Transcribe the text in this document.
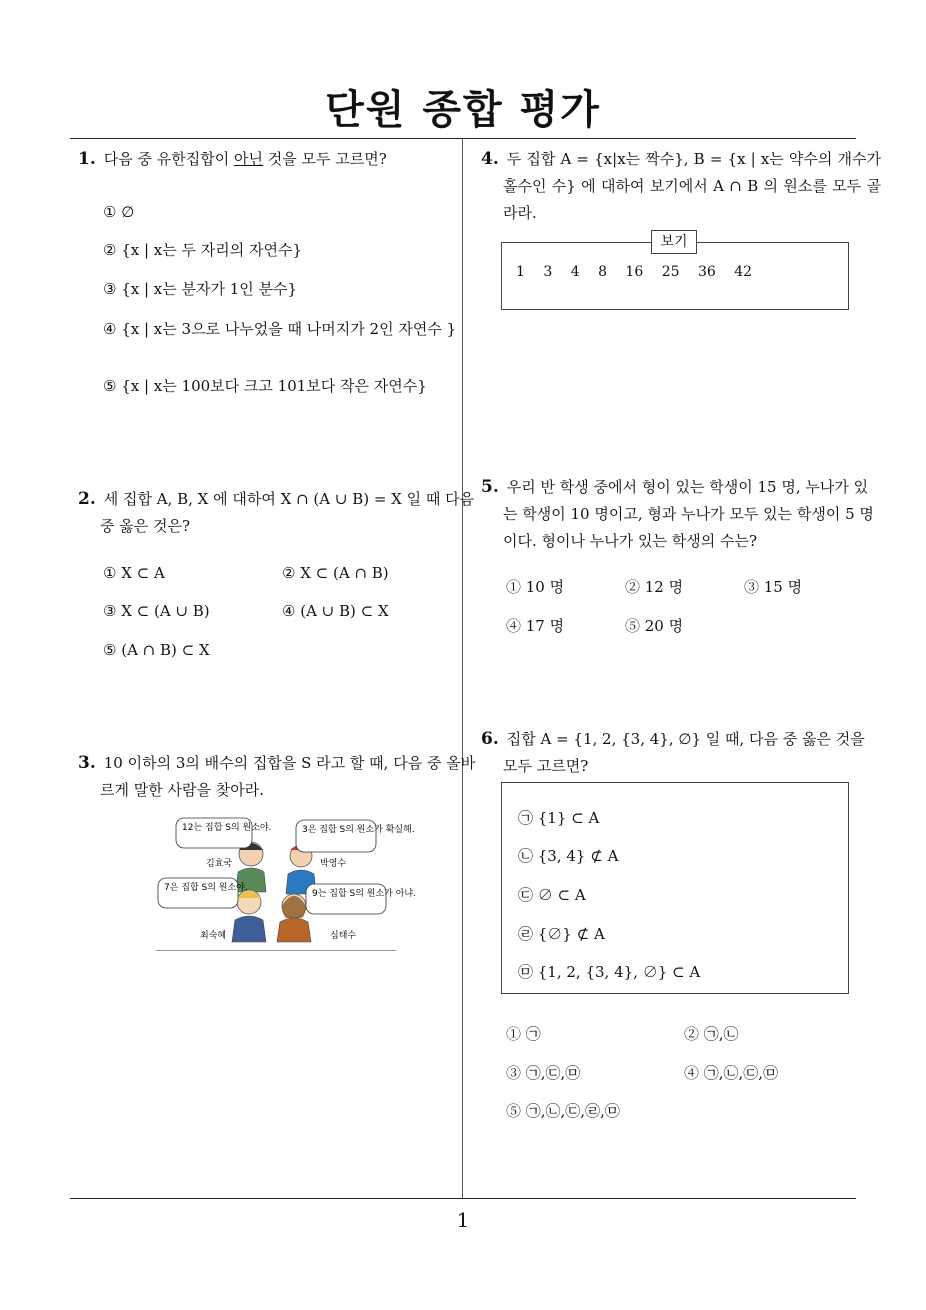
단원 종합 평가
1
1. 다음 중 유한집합이 아닌 것을 모두 고르면?
① ∅
② {x | x는 두 자리의 자연수}
③ {x | x는 분자가 1인 분수}
④ {x | x는 3으로 나누었을 때 나머지가 2인 자연수 }
⑤ {x | x는 100보다 크고 101보다 작은 자연수}
2. 세 집합 A, B, X 에 대하여 X ∩ (A ∪ B) = X 일 때 다음 중 옳은 것은?
① X ⊂ A	② X ⊂ (A ∩ B)
③ X ⊂ (A ∪ B)	④ (A ∪ B) ⊂ X
⑤ (A ∩ B) ⊂ X
3. 10 이하의 3의 배수의 집합을 S 라고 할 때, 다음 중 올바르게 말한 사람을 찾아라.
12는 집합 S의 원소야.	3은 집합 S의 원소가 확실해.
7은 집합 S의 원소야.
9는 집합 S의 원소가 아냐.
김효국	박영수
최숙혜	심태수
4. 두 집합 A = {x|x는 짝수}, B = {x | x는 약수의 개수가 홀수인 수} 에 대하여 보기에서 A ∩ B 의 원소를 모두 골라라.
보기
1 3 4 8 16 25 36 42
5. 우리 반 학생 중에서 형이 있는 학생이 15 명, 누나가 있는 학생이 10 명이고, 형과 누나가 모두 있는 학생이 5 명이다. 형이나 누나가 있는 학생의 수는?
① 10 명	② 12 명	③ 15 명
④ 17 명	⑤ 20 명
6. 집합 A = {1, 2, {3, 4}, ∅} 일 때, 다음 중 옳은 것을 모두 고르면?
㉠ {1} ⊂ A
㉡ {3, 4} ⊄ A
㉢ ∅ ⊂ A
㉣ {∅} ⊄ A
㉤ {1, 2, {3, 4}, ∅} ⊂ A
① ㉠	② ㉠,㉡
③ ㉠,㉢,㉤	④ ㉠,㉡,㉢,㉤
⑤ ㉠,㉡,㉢,㉣,㉤
